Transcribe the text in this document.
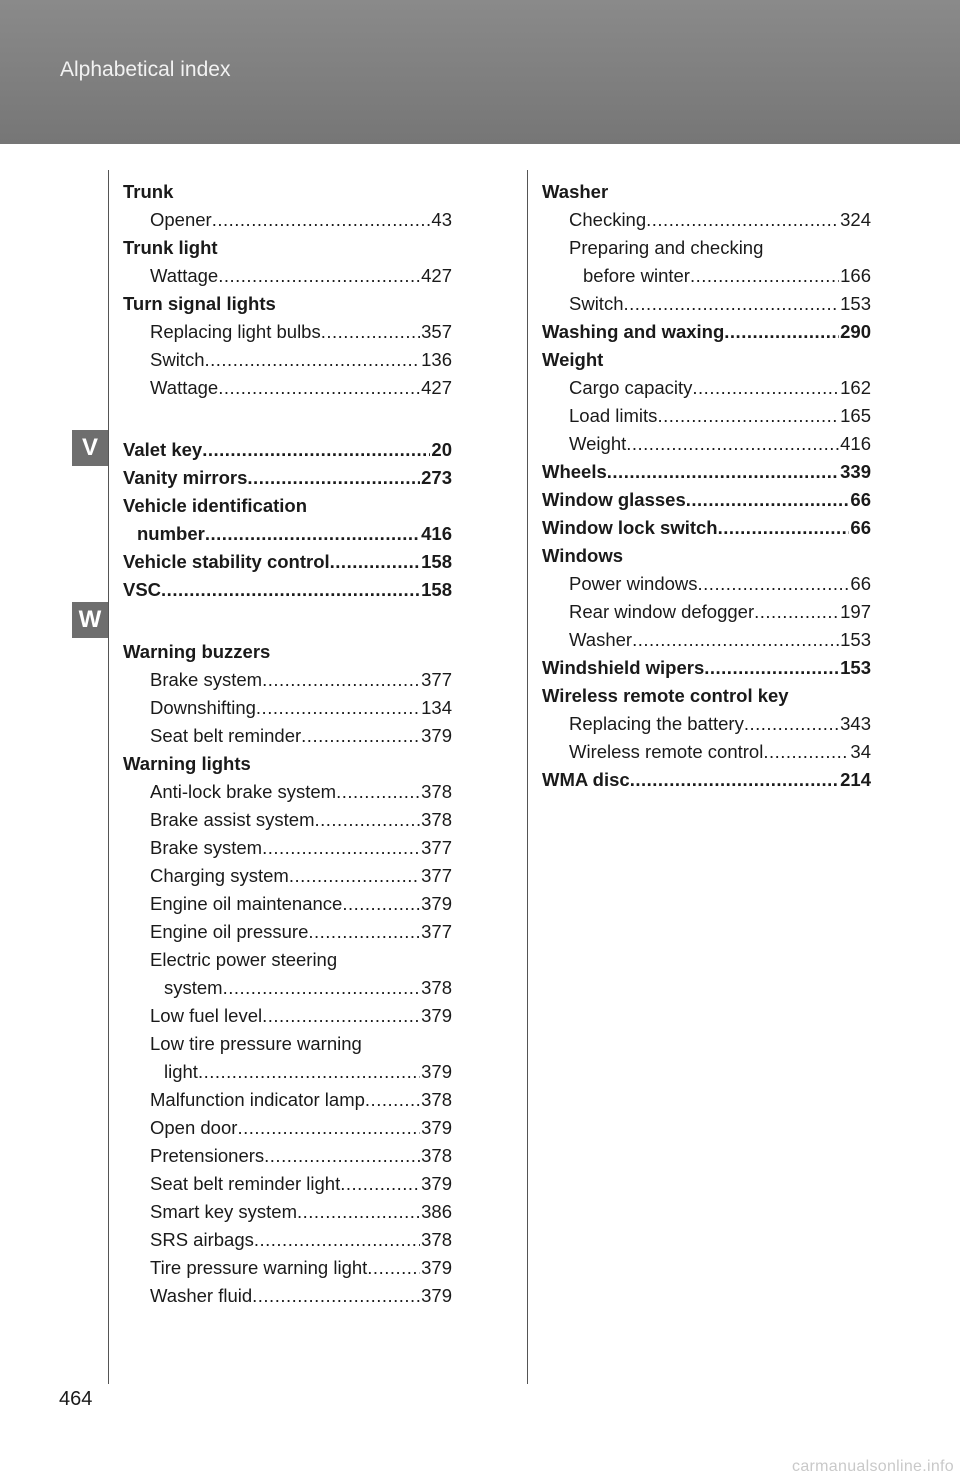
Alphabetical index
V
W
Trunk
Opener .....	43
Trunk light
Wattage .....	427
Turn signal lights
Replacing light bulbs .....	357
Switch .....	136
Wattage .....	427
Valet key .....	20
Vanity mirrors .....	273
Vehicle identification
number .....	416
Vehicle stability control .....	158
VSC .....	158
Warning buzzers
Brake system .....	377
Downshifting .....	134
Seat belt reminder .....	379
Warning lights
Anti-lock brake system .....	378
Brake assist system .....	378
Brake system .....	377
Charging system .....	377
Engine oil maintenance .....	379
Engine oil pressure .....	377
Electric power steering
system .....	378
Low fuel level .....	379
Low tire pressure warning
light .....	379
Malfunction indicator lamp .....	378
Open door .....	379
Pretensioners .....	378
Seat belt reminder light .....	379
Smart key system .....	386
SRS airbags .....	378
Tire pressure warning light .....	379
Washer fluid .....	379
Washer
Checking .....	324
Preparing and checking
before winter .....	166
Switch .....	153
Washing and waxing .....	290
Weight
Cargo capacity .....	162
Load limits .....	165
Weight .....	416
Wheels .....	339
Window glasses .....	66
Window lock switch .....	66
Windows
Power windows .....	66
Rear window defogger .....	197
Washer .....	153
Windshield wipers .....	153
Wireless remote control key
Replacing the battery .....	343
Wireless remote control .....	34
WMA disc .....	214
464
carmanualsonline.info
